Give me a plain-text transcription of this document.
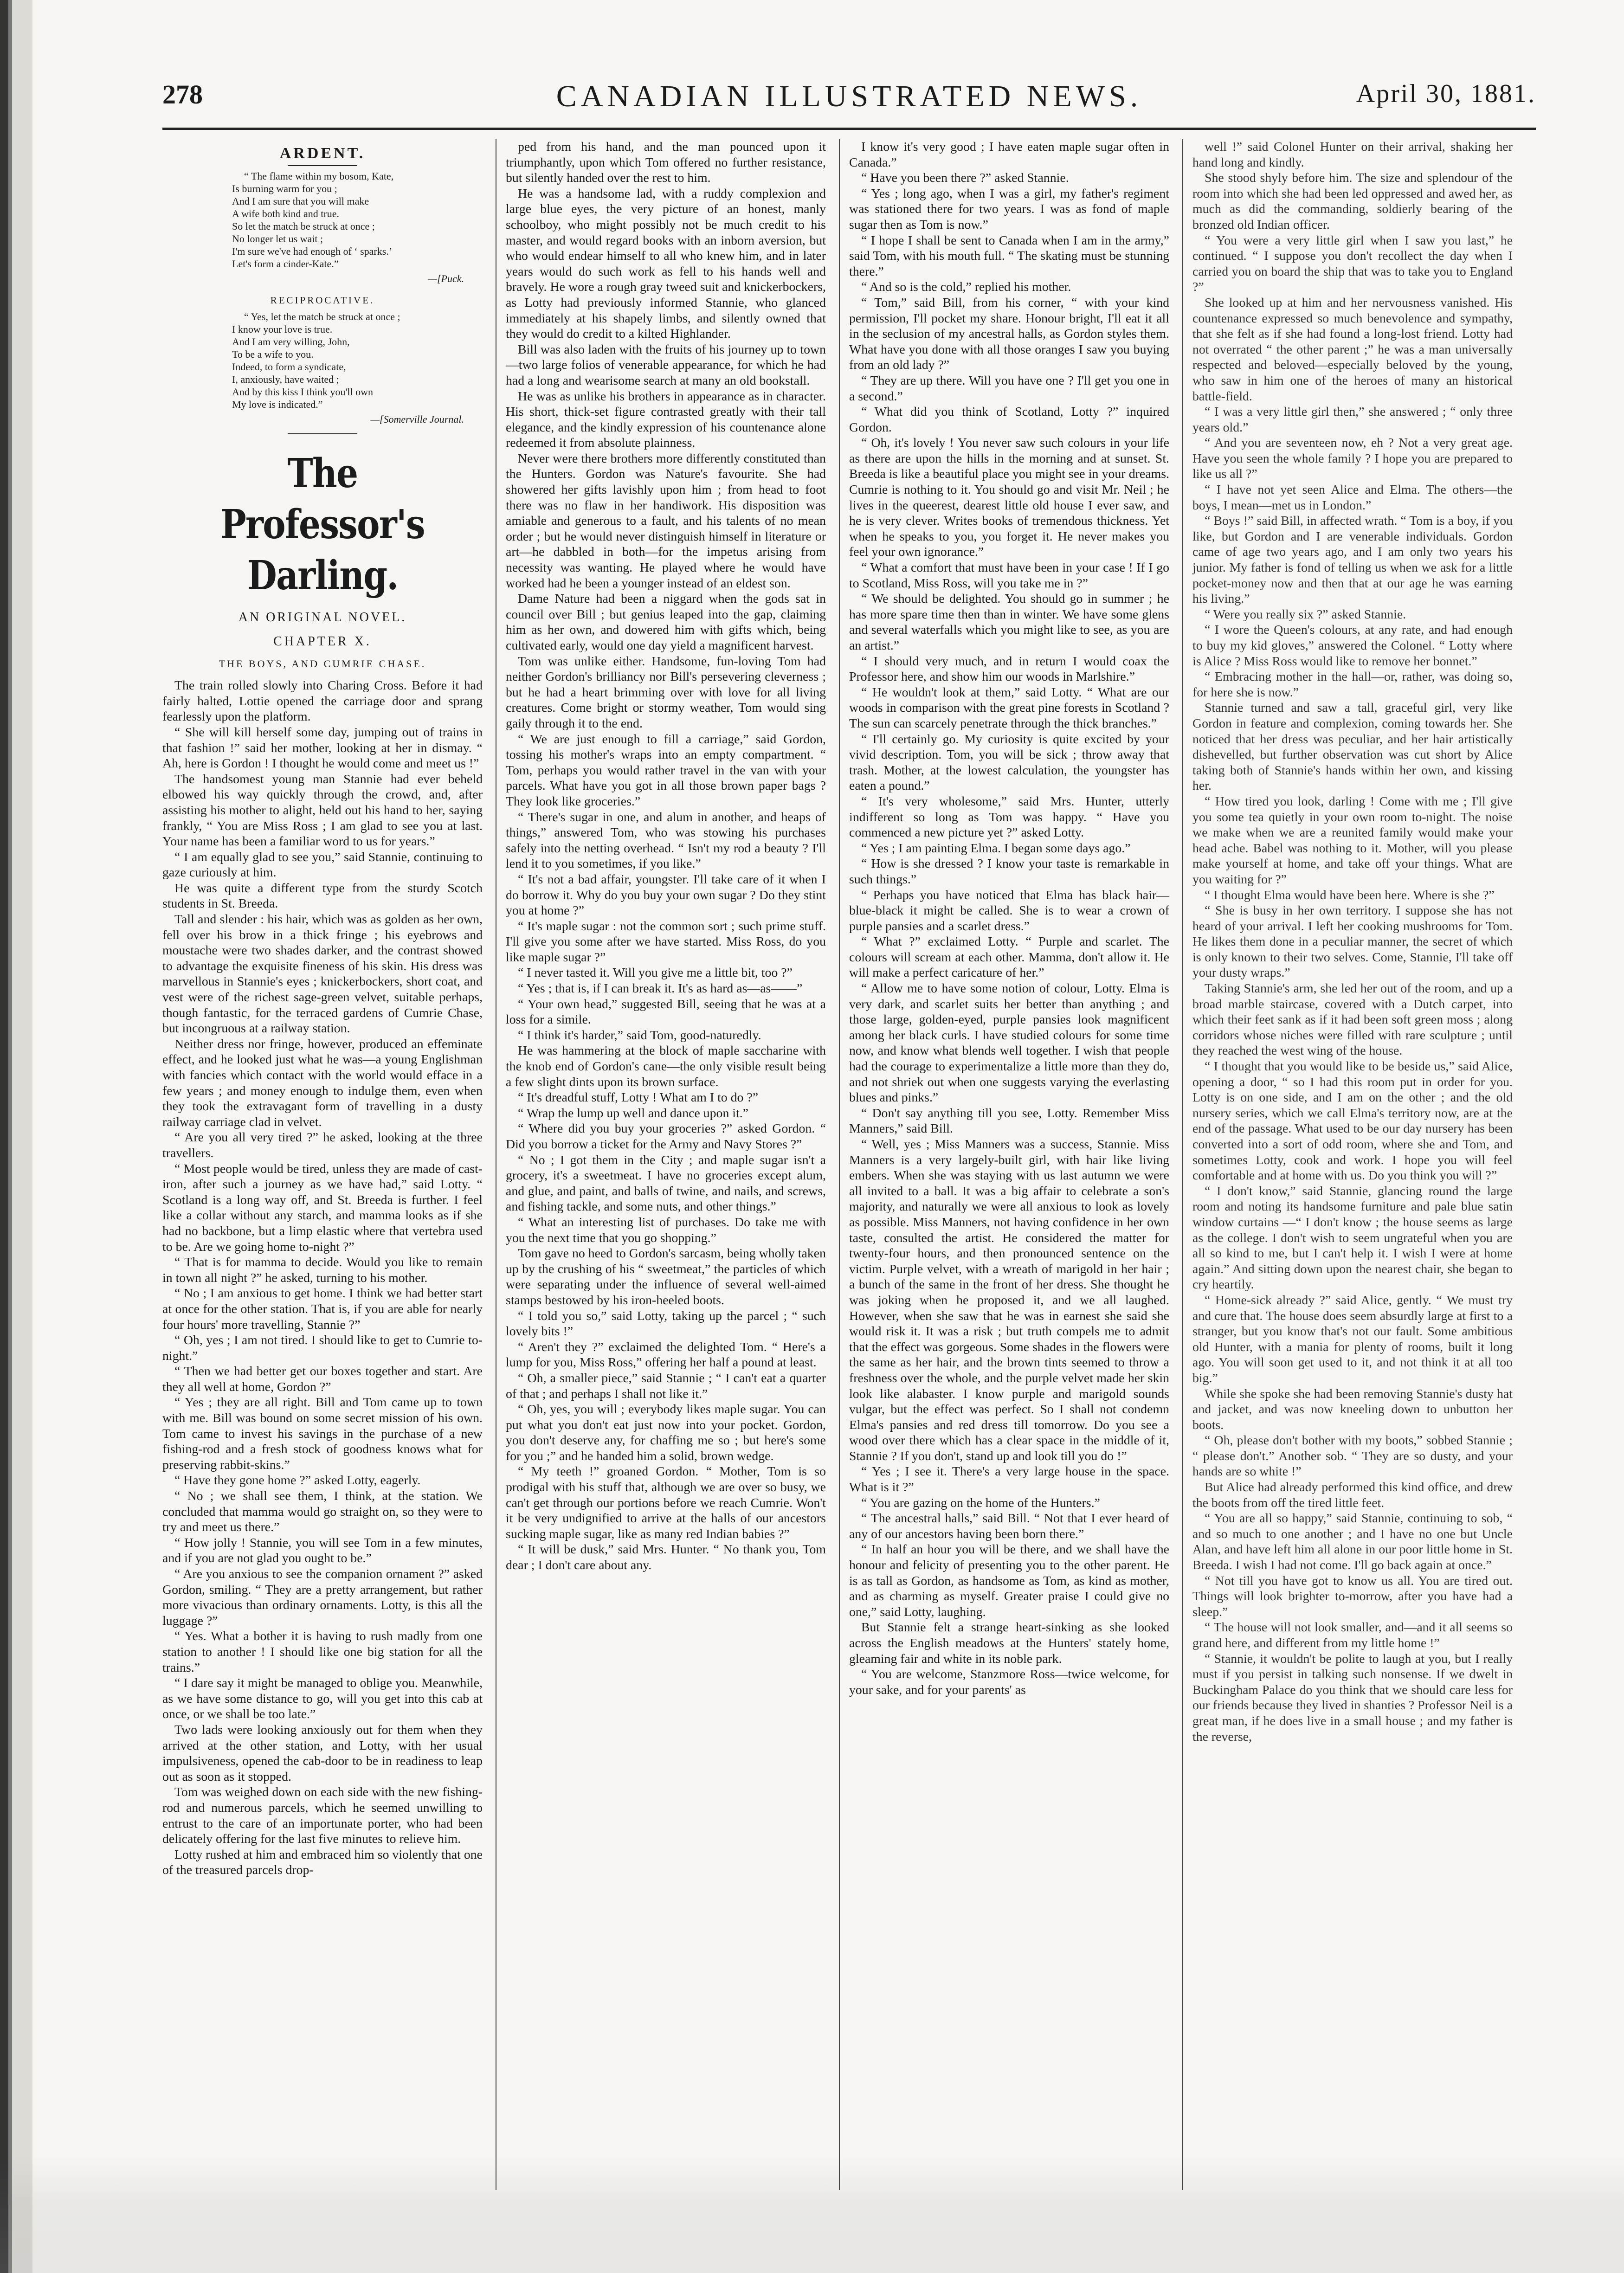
CANADIAN ILLUSTRATED NEWS.
278	April 30, 1881.
ARDENT.

“ The flame within my bosom, Kate,
Is burning warm for you ;
And I am sure that you will make
A wife both kind and true.
So let the match be struck at once ;
No longer let us wait ;
I'm sure we've had enough of ‘ sparks.’
Let's form a cinder-Kate.”

—[Puck.
RECIPROCATIVE.

“ Yes, let the match be struck at once ;
I know your love is true.
And I am very willing, John,
To be a wife to you.
Indeed, to form a syndicate,
I, anxiously, have waited ;
And by this kiss I think you'll own
My love is indicated.”

—[Somerville Journal.
The Professor's Darling.
AN ORIGINAL NOVEL.
CHAPTER X.
THE BOYS, AND CUMRIE CHASE.

The train rolled slowly into Charing Cross. Before it had fairly halted, Lottie opened the carriage door and sprang fearlessly upon the platform.

“ She will kill herself some day, jumping out of trains in that fashion !” said her mother, looking at her in dismay. “ Ah, here is Gordon ! I thought he would come and meet us !”

The handsomest young man Stannie had ever beheld elbowed his way quickly through the crowd, and, after assisting his mother to alight, held out his hand to her, saying frankly, “ You are Miss Ross ; I am glad to see you at last. Your name has been a familiar word to us for years.”

“ I am equally glad to see you,” said Stannie, continuing to gaze curiously at him.

He was quite a different type from the sturdy Scotch students in St. Breeda.

Tall and slender : his hair, which was as golden as her own, fell over his brow in a thick fringe ; his eyebrows and moustache were two shades darker, and the contrast showed to advantage the exquisite fineness of his skin. His dress was marvellous in Stannie's eyes ; knickerbockers, short coat, and vest were of the richest sage-green velvet, suitable perhaps, though fantastic, for the terraced gardens of Cumrie Chase, but incongruous at a railway station.

Neither dress nor fringe, however, produced an effeminate effect, and he looked just what he was—a young Englishman with fancies which contact with the world would efface in a few years ; and money enough to indulge them, even when they took the extravagant form of travelling in a dusty railway carriage clad in velvet.

“ Are you all very tired ?” he asked, looking at the three travellers.

“ Most people would be tired, unless they are made of cast-iron, after such a journey as we have had,” said Lotty. “ Scotland is a long way off, and St. Breeda is further. I feel like a collar without any starch, and mamma looks as if she had no backbone, but a limp elastic where that vertebra used to be. Are we going home to-night ?”

“ That is for mamma to decide. Would you like to remain in town all night ?” he asked, turning to his mother.

“ No ; I am anxious to get home. I think we had better start at once for the other station. That is, if you are able for nearly four hours' more travelling, Stannie ?”

“ Oh, yes ; I am not tired. I should like to get to Cumrie to-night.”

“ Then we had better get our boxes together and start. Are they all well at home, Gordon ?”

“ Yes ; they are all right. Bill and Tom came up to town with me. Bill was bound on some secret mission of his own. Tom came to invest his savings in the purchase of a new fishing-rod and a fresh stock of goodness knows what for preserving rabbit-skins.”

“ Have they gone home ?” asked Lotty, eagerly.

“ No ; we shall see them, I think, at the station. We concluded that mamma would go straight on, so they were to try and meet us there.”

“ How jolly ! Stannie, you will see Tom in a few minutes, and if you are not glad you ought to be.”

“ Are you anxious to see the companion ornament ?” asked Gordon, smiling. “ They are a pretty arrangement, but rather more vivacious than ordinary ornaments. Lotty, is this all the luggage ?”

“ Yes. What a bother it is having to rush madly from one station to another ! I should like one big station for all the trains.”

“ I dare say it might be managed to oblige you. Meanwhile, as we have some distance to go, will you get into this cab at once, or we shall be too late.”

Two lads were looking anxiously out for them when they arrived at the other station, and Lotty, with her usual impulsiveness, opened the cab-door to be in readiness to leap out as soon as it stopped.

Tom was weighed down on each side with the new fishing-rod and numerous parcels, which he seemed unwilling to entrust to the care of an importunate porter, who had been delicately offering for the last five minutes to relieve him.

Lotty rushed at him and embraced him so violently that one of the treasured parcels drop-

ped from his hand, and the man pounced upon it triumphantly, upon which Tom offered no further resistance, but silently handed over the rest to him.

He was a handsome lad, with a ruddy complexion and large blue eyes, the very picture of an honest, manly schoolboy, who might possibly not be much credit to his master, and would regard books with an inborn aversion, but who would endear himself to all who knew him, and in later years would do such work as fell to his hands well and bravely. He wore a rough gray tweed suit and knickerbockers, as Lotty had previously informed Stannie, who glanced immediately at his shapely limbs, and silently owned that they would do credit to a kilted Highlander.

Bill was also laden with the fruits of his journey up to town—two large folios of venerable appearance, for which he had had a long and wearisome search at many an old bookstall.

He was as unlike his brothers in appearance as in character. His short, thick-set figure contrasted greatly with their tall elegance, and the kindly expression of his countenance alone redeemed it from absolute plainness.

Never were there brothers more differently constituted than the Hunters. Gordon was Nature's favourite. She had showered her gifts lavishly upon him ; from head to foot there was no flaw in her handiwork. His disposition was amiable and generous to a fault, and his talents of no mean order ; but he would never distinguish himself in literature or art—he dabbled in both—for the impetus arising from necessity was wanting. He played where he would have worked had he been a younger instead of an eldest son.

Dame Nature had been a niggard when the gods sat in council over Bill ; but genius leaped into the gap, claiming him as her own, and dowered him with gifts which, being cultivated early, would one day yield a magnificent harvest.

Tom was unlike either. Handsome, fun-loving Tom had neither Gordon's brilliancy nor Bill's persevering cleverness ; but he had a heart brimming over with love for all living creatures. Come bright or stormy weather, Tom would sing gaily through it to the end.

“ We are just enough to fill a carriage,” said Gordon, tossing his mother's wraps into an empty compartment. “ Tom, perhaps you would rather travel in the van with your parcels. What have you got in all those brown paper bags ? They look like groceries.”

“ There's sugar in one, and alum in another, and heaps of things,” answered Tom, who was stowing his purchases safely into the netting overhead. “ Isn't my rod a beauty ? I'll lend it to you sometimes, if you like.”

“ It's not a bad affair, youngster. I'll take care of it when I do borrow it. Why do you buy your own sugar ? Do they stint you at home ?”

“ It's maple sugar : not the common sort ; such prime stuff. I'll give you some after we have started. Miss Ross, do you like maple sugar ?”

“ I never tasted it. Will you give me a little bit, too ?”

“ Yes ; that is, if I can break it. It's as hard as—as——”

“ Your own head,” suggested Bill, seeing that he was at a loss for a simile.

“ I think it's harder,” said Tom, good-naturedly.

He was hammering at the block of maple saccharine with the knob end of Gordon's cane—the only visible result being a few slight dints upon its brown surface.

“ It's dreadful stuff, Lotty ! What am I to do ?”

“ Wrap the lump up well and dance upon it.”

“ Where did you buy your groceries ?” asked Gordon. “ Did you borrow a ticket for the Army and Navy Stores ?”

“ No ; I got them in the City ; and maple sugar isn't a grocery, it's a sweetmeat. I have no groceries except alum, and glue, and paint, and balls of twine, and nails, and screws, and fishing tackle, and some nuts, and other things.”

“ What an interesting list of purchases. Do take me with you the next time that you go shopping.”

Tom gave no heed to Gordon's sarcasm, being wholly taken up by the crushing of his “ sweetmeat,” the particles of which were separating under the influence of several well-aimed stamps bestowed by his iron-heeled boots.

“ I told you so,” said Lotty, taking up the parcel ; “ such lovely bits !”

“ Aren't they ?” exclaimed the delighted Tom. “ Here's a lump for you, Miss Ross,” offering her half a pound at least.

“ Oh, a smaller piece,” said Stannie ; “ I can't eat a quarter of that ; and perhaps I shall not like it.”

“ Oh, yes, you will ; everybody likes maple sugar. You can put what you don't eat just now into your pocket. Gordon, you don't deserve any, for chaffing me so ; but here's some for you ;” and he handed him a solid, brown wedge.

“ My teeth !” groaned Gordon. “ Mother, Tom is so prodigal with his stuff that, although we are over so busy, we can't get through our portions before we reach Cumrie. Won't it be very undignified to arrive at the halls of our ancestors sucking maple sugar, like as many red Indian babies ?”

“ It will be dusk,” said Mrs. Hunter. “ No thank you, Tom dear ; I don't care about any.

I know it's very good ; I have eaten maple sugar often in Canada.”

“ Have you been there ?” asked Stannie.

“ Yes ; long ago, when I was a girl, my father's regiment was stationed there for two years. I was as fond of maple sugar then as Tom is now.”

“ I hope I shall be sent to Canada when I am in the army,” said Tom, with his mouth full. “ The skating must be stunning there.”

“ And so is the cold,” replied his mother.

“ Tom,” said Bill, from his corner, “ with your kind permission, I'll pocket my share. Honour bright, I'll eat it all in the seclusion of my ancestral halls, as Gordon styles them. What have you done with all those oranges I saw you buying from an old lady ?”

“ They are up there. Will you have one ? I'll get you one in a second.”

“ What did you think of Scotland, Lotty ?” inquired Gordon.

“ Oh, it's lovely ! You never saw such colours in your life as there are upon the hills in the morning and at sunset. St. Breeda is like a beautiful place you might see in your dreams. Cumrie is nothing to it. You should go and visit Mr. Neil ; he lives in the queerest, dearest little old house I ever saw, and he is very clever. Writes books of tremendous thickness. Yet when he speaks to you, you forget it. He never makes you feel your own ignorance.”

“ What a comfort that must have been in your case ! If I go to Scotland, Miss Ross, will you take me in ?”

“ We should be delighted. You should go in summer ; he has more spare time then than in winter. We have some glens and several waterfalls which you might like to see, as you are an artist.”

“ I should very much, and in return I would coax the Professor here, and show him our woods in Marlshire.”

“ He wouldn't look at them,” said Lotty. “ What are our woods in comparison with the great pine forests in Scotland ? The sun can scarcely penetrate through the thick branches.”

“ I'll certainly go. My curiosity is quite excited by your vivid description. Tom, you will be sick ; throw away that trash. Mother, at the lowest calculation, the youngster has eaten a pound.”

“ It's very wholesome,” said Mrs. Hunter, utterly indifferent so long as Tom was happy. “ Have you commenced a new picture yet ?” asked Lotty.

“ Yes ; I am painting Elma. I began some days ago.”

“ How is she dressed ? I know your taste is remarkable in such things.”

“ Perhaps you have noticed that Elma has black hair—blue-black it might be called. She is to wear a crown of purple pansies and a scarlet dress.”

“ What ?” exclaimed Lotty. “ Purple and scarlet. The colours will scream at each other. Mamma, don't allow it. He will make a perfect caricature of her.”

“ Allow me to have some notion of colour, Lotty. Elma is very dark, and scarlet suits her better than anything ; and those large, golden-eyed, purple pansies look magnificent among her black curls. I have studied colours for some time now, and know what blends well together. I wish that people had the courage to experimentalize a little more than they do, and not shriek out when one suggests varying the everlasting blues and pinks.”

“ Don't say anything till you see, Lotty. Remember Miss Manners,” said Bill.

“ Well, yes ; Miss Manners was a success, Stannie. Miss Manners is a very largely-built girl, with hair like living embers. When she was staying with us last autumn we were all invited to a ball. It was a big affair to celebrate a son's majority, and naturally we were all anxious to look as lovely as possible. Miss Manners, not having confidence in her own taste, consulted the artist. He considered the matter for twenty-four hours, and then pronounced sentence on the victim. Purple velvet, with a wreath of marigold in her hair ; a bunch of the same in the front of her dress. She thought he was joking when he proposed it, and we all laughed. However, when she saw that he was in earnest she said she would risk it. It was a risk ; but truth compels me to admit that the effect was gorgeous. Some shades in the flowers were the same as her hair, and the brown tints seemed to throw a freshness over the whole, and the purple velvet made her skin look like alabaster. I know purple and marigold sounds vulgar, but the effect was perfect. So I shall not condemn Elma's pansies and red dress till tomorrow. Do you see a wood over there which has a clear space in the middle of it, Stannie ? If you don't, stand up and look till you do !”

“ Yes ; I see it. There's a very large house in the space. What is it ?”

“ You are gazing on the home of the Hunters.”

“ The ancestral halls,” said Bill. “ Not that I ever heard of any of our ancestors having been born there.”

“ In half an hour you will be there, and we shall have the honour and felicity of presenting you to the other parent. He is as tall as Gordon, as handsome as Tom, as kind as mother, and as charming as myself. Greater praise I could give no one,” said Lotty, laughing.

But Stannie felt a strange heart-sinking as she looked across the English meadows at the Hunters' stately home, gleaming fair and white in its noble park.

“ You are welcome, Stanzmore Ross—twice welcome, for your sake, and for your parents' as

well !” said Colonel Hunter on their arrival, shaking her hand long and kindly.

She stood shyly before him. The size and splendour of the room into which she had been led oppressed and awed her, as much as did the commanding, soldierly bearing of the bronzed old Indian officer.

“ You were a very little girl when I saw you last,” he continued. “ I suppose you don't recollect the day when I carried you on board the ship that was to take you to England ?”

She looked up at him and her nervousness vanished. His countenance expressed so much benevolence and sympathy, that she felt as if she had found a long-lost friend. Lotty had not overrated “ the other parent ;” he was a man universally respected and beloved—especially beloved by the young, who saw in him one of the heroes of many an historical battle-field.

“ I was a very little girl then,” she answered ; “ only three years old.”

“ And you are seventeen now, eh ? Not a very great age. Have you seen the whole family ? I hope you are prepared to like us all ?”

“ I have not yet seen Alice and Elma. The others—the boys, I mean—met us in London.”

“ Boys !” said Bill, in affected wrath. “ Tom is a boy, if you like, but Gordon and I are venerable individuals. Gordon came of age two years ago, and I am only two years his junior. My father is fond of telling us when we ask for a little pocket-money now and then that at our age he was earning his living.”

“ Were you really six ?” asked Stannie.

“ I wore the Queen's colours, at any rate, and had enough to buy my kid gloves,” answered the Colonel. “ Lotty where is Alice ? Miss Ross would like to remove her bonnet.”

“ Embracing mother in the hall—or, rather, was doing so, for here she is now.”

Stannie turned and saw a tall, graceful girl, very like Gordon in feature and complexion, coming towards her. She noticed that her dress was peculiar, and her hair artistically dishevelled, but further observation was cut short by Alice taking both of Stannie's hands within her own, and kissing her.

“ How tired you look, darling ! Come with me ; I'll give you some tea quietly in your own room to-night. The noise we make when we are a reunited family would make your head ache. Babel was nothing to it. Mother, will you please make yourself at home, and take off your things. What are you waiting for ?”

“ I thought Elma would have been here. Where is she ?”

“ She is busy in her own territory. I suppose she has not heard of your arrival. I left her cooking mushrooms for Tom. He likes them done in a peculiar manner, the secret of which is only known to their two selves. Come, Stannie, I'll take off your dusty wraps.”

Taking Stannie's arm, she led her out of the room, and up a broad marble staircase, covered with a Dutch carpet, into which their feet sank as if it had been soft green moss ; along corridors whose niches were filled with rare sculpture ; until they reached the west wing of the house.

“ I thought that you would like to be beside us,” said Alice, opening a door, “ so I had this room put in order for you. Lotty is on one side, and I am on the other ; and the old nursery series, which we call Elma's territory now, are at the end of the passage. What used to be our day nursery has been converted into a sort of odd room, where she and Tom, and sometimes Lotty, cook and work. I hope you will feel comfortable and at home with us. Do you think you will ?”

“ I don't know,” said Stannie, glancing round the large room and noting its handsome furniture and pale blue satin window curtains —“ I don't know ; the house seems as large as the college. I don't wish to seem ungrateful when you are all so kind to me, but I can't help it. I wish I were at home again.” And sitting down upon the nearest chair, she began to cry heartily.

“ Home-sick already ?” said Alice, gently. “ We must try and cure that. The house does seem absurdly large at first to a stranger, but you know that's not our fault. Some ambitious old Hunter, with a mania for plenty of rooms, built it long ago. You will soon get used to it, and not think it at all too big.”

While she spoke she had been removing Stannie's dusty hat and jacket, and was now kneeling down to unbutton her boots.

“ Oh, please don't bother with my boots,” sobbed Stannie ; “ please don't.” Another sob. “ They are so dusty, and your hands are so white !”

But Alice had already performed this kind office, and drew the boots from off the tired little feet.

“ You are all so happy,” said Stannie, continuing to sob, “ and so much to one another ; and I have no one but Uncle Alan, and have left him all alone in our poor little home in St. Breeda. I wish I had not come. I'll go back again at once.”

“ Not till you have got to know us all. You are tired out. Things will look brighter to-morrow, after you have had a sleep.”

“ The house will not look smaller, and—and it all seems so grand here, and different from my little home !”

“ Stannie, it wouldn't be polite to laugh at you, but I really must if you persist in talking such nonsense. If we dwelt in Buckingham Palace do you think that we should care less for our friends because they lived in shanties ? Professor Neil is a great man, if he does live in a small house ; and my father is the reverse,
